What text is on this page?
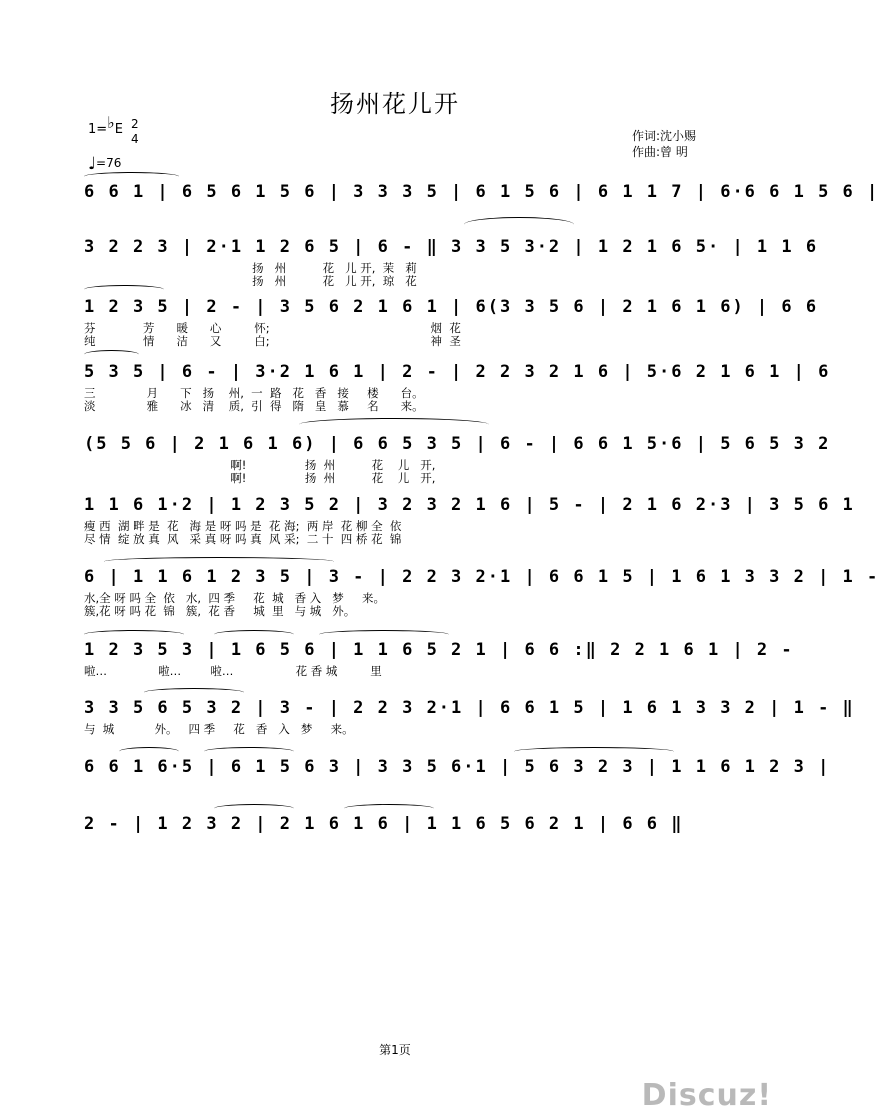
扬州花儿开
1=♭E 2
4
♩=76
作词:沈小赐
作曲:曾 明
6 6 1 | 6 5 6 1 5 6 | 3 3 3 5 | 6 1 5 6 | 6 1 1 7 | 6·6 6 1 5 6 |
3 2 2 3 | 2·1 1 2 6 5 | 6 - ‖ 3 3 5 3·2 | 1 2 1 6 5· | 1 1 6
扬   州          花   儿 开,  茉   莉
扬   州          花   儿 开,  琼   花
1 2 3 5 | 2 - | 3 5 6 2 1 6 1 | 6(3 3 5 6 | 2 1 6 1 6) | 6 6
芬             芳      暖      心         怀;                                            烟  花
纯             情      洁      又         白;                                            神  圣
5 3 5 | 6 - | 3·2 1 6 1 | 2 - | 2 2 3 2 1 6 | 5·6 2 1 6 1 | 6
三              月      下   扬    州,  一  路   花   香   接     楼      台。
淡              雅      冰   清    质,  引  得   隋   皇   慕     名      来。
(5 5 6 | 2 1 6 1 6) | 6 6 5 3 5 | 6 - | 6 6 1 5·6 | 5 6 5 3 2
啊!                扬  州          花    儿   开,
啊!                扬  州          花    儿   开,
1 1 6 1·2 | 1 2 3 5 2 | 3 2 3 2 1 6 | 5 - | 2 1 6 2·3 | 3 5 6 1
瘦 西  湖 畔 是  花   海 是 呀 吗 是  花 海;  两 岸  花 柳 全  依
尽 情  绽 放 真  风   采 真 呀 吗 真  风 采;  二 十  四 桥 花  锦
6 | 1 1 6 1 2 3 5 | 3 - | 2 2 3 2·1 | 6 6 1 5 | 1 6 1 3 3 2 | 1 -
水,全 呀 吗 全  依   水,  四 季     花  城   香 入   梦     来。
簇,花 呀 吗 花  锦   簇,  花 香     城  里   与 城   外。
1 2 3 5 3 | 1 6 5 6 | 1 1 6 5 2 1 | 6 6 :‖ 2 2 1 6 1 | 2 -
啦…              啦…        啦…                 花 香 城         里
3 3 5 6 5 3 2 | 3 - | 2 2 3 2·1 | 6 6 1 5 | 1 6 1 3 3 2 | 1 - ‖
与  城           外。   四 季     花   香   入   梦     来。
6 6 1 6·5 | 6 1 5 6 3 | 3 3 5 6·1 | 5 6 3 2 3 | 1 1 6 1 2 3 |
2 - | 1 2 3 2 | 2 1 6 1 6 | 1 1 6 5 6 2 1 | 6 6 ‖
第1页
Discuz!
